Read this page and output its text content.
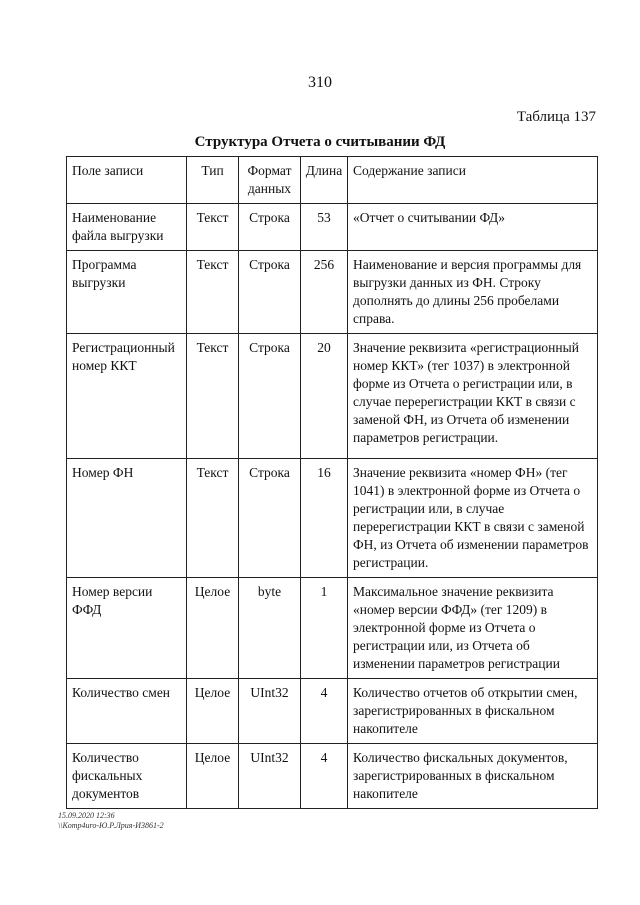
310
Таблица 137
Структура Отчета о считывании ФД
Поле записи	Тип	Формат данных	Длина	Содержание записи
Наименование файла выгрузки	Текст	Строка	53	«Отчет о считывании ФД»
Программа выгрузки	Текст	Строка	256	Наименование и версия программы для выгрузки данных из ФН. Строку дополнять до длины 256 пробелами справа.
Регистрационный номер ККТ	Текст	Строка	20	Значение реквизита «регистрационный номер ККТ» (тег 1037) в электронной форме из Отчета о регистрации или, в случае перерегистрации ККТ в связи с заменой ФН, из Отчета об изменении параметров регистрации.
Номер ФН	Текст	Строка	16	Значение реквизита «номер ФН» (тег 1041) в электронной форме из Отчета о регистрации или, в случае перерегистрации ККТ в связи с заменой ФН, из Отчета об изменении параметров регистрации.
Номер версии ФФД	Целое	byte	1	Максимальное значение реквизита «номер версии ФФД» (тег 1209) в электронной форме из Отчета о регистрации или, из Отчета об изменении параметров регистрации
Количество смен	Целое	UInt32	4	Количество отчетов об открытии смен, зарегистрированных в фискальном накопителе
Количество фискальных документов	Целое	UInt32	4	Количество фискальных документов, зарегистрированных в фискальном накопителе
15.09.2020 12:36
\\Komp4uro-Ю.Р.Лрия-И3861-2
